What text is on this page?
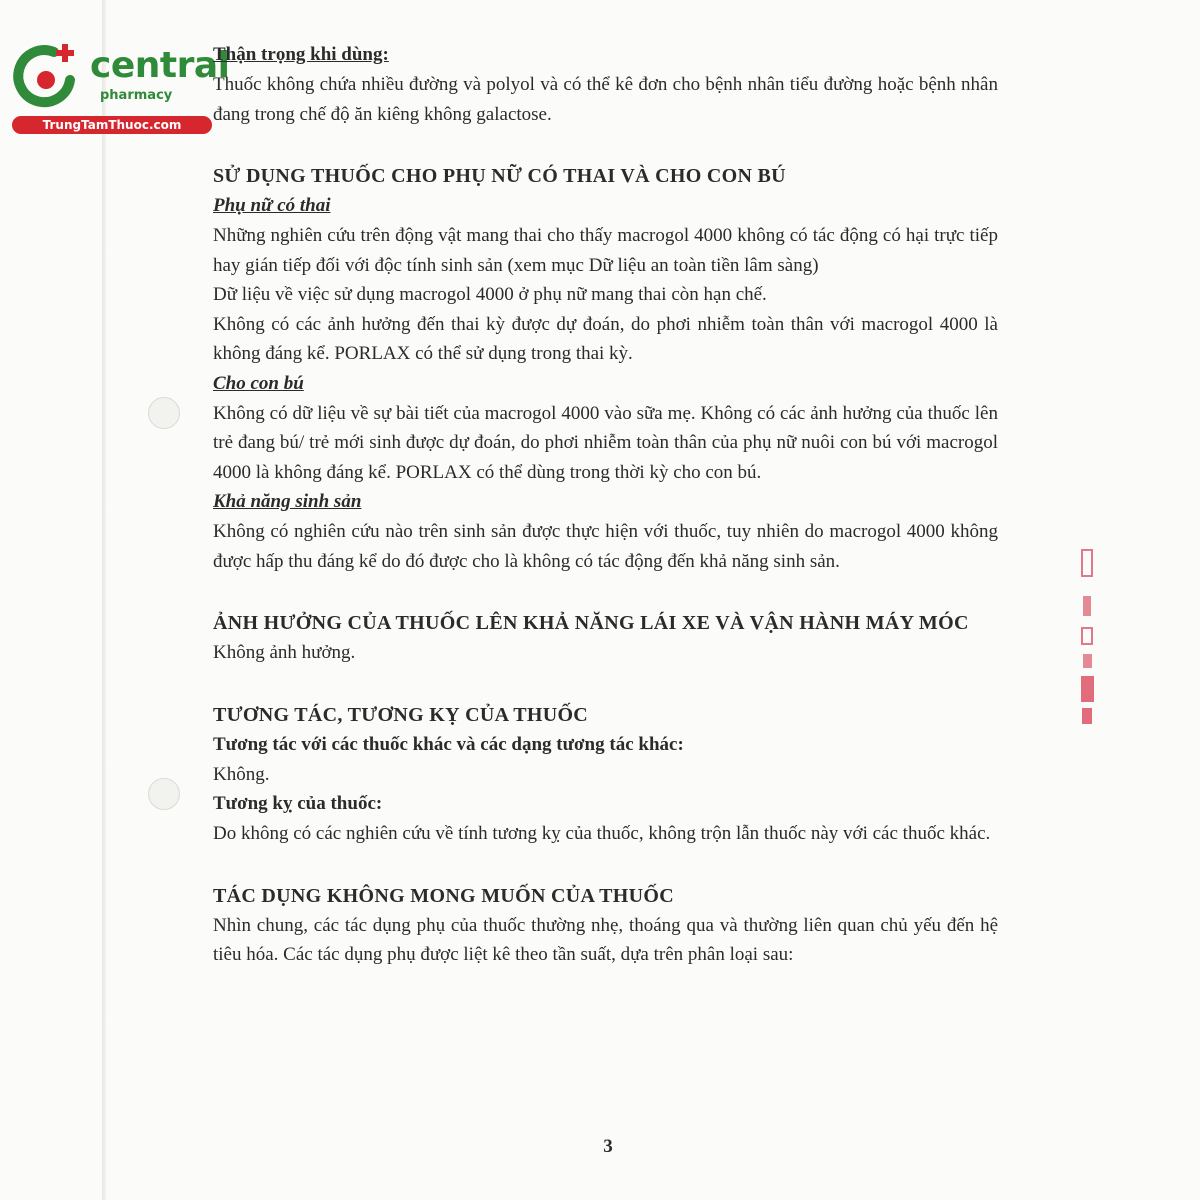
central
pharmacy
TrungTamThuoc.com
Thận trọng khi dùng:

Thuốc không chứa nhiều đường và polyol và có thể kê đơn cho bệnh nhân tiểu đường hoặc bệnh nhân đang trong chế độ ăn kiêng không galactose.

SỬ DỤNG THUỐC CHO PHỤ NỮ CÓ THAI VÀ CHO CON BÚ
Phụ nữ có thai

Những nghiên cứu trên động vật mang thai cho thấy macrogol 4000 không có tác động có hại trực tiếp hay gián tiếp đối với độc tính sinh sản (xem mục Dữ liệu an toàn tiền lâm sàng)

Dữ liệu về việc sử dụng macrogol 4000 ở phụ nữ mang thai còn hạn chế.

Không có các ảnh hưởng đến thai kỳ được dự đoán, do phơi nhiễm toàn thân với macrogol 4000 là không đáng kể. PORLAX có thể sử dụng trong thai kỳ.

Cho con bú

Không có dữ liệu về sự bài tiết của macrogol 4000 vào sữa mẹ. Không có các ảnh hưởng của thuốc lên trẻ đang bú/ trẻ mới sinh được dự đoán, do phơi nhiễm toàn thân của phụ nữ nuôi con bú với macrogol 4000 là không đáng kể. PORLAX có thể dùng trong thời kỳ cho con bú.

Khả năng sinh sản

Không có nghiên cứu nào trên sinh sản được thực hiện với thuốc, tuy nhiên do macrogol 4000 không được hấp thu đáng kể do đó được cho là không có tác động đến khả năng sinh sản.

ẢNH HƯỞNG CỦA THUỐC LÊN KHẢ NĂNG LÁI XE VÀ VẬN HÀNH MÁY MÓC

Không ảnh hưởng.

TƯƠNG TÁC, TƯƠNG KỴ CỦA THUỐC
Tương tác với các thuốc khác và các dạng tương tác khác:

Không.

Tương kỵ của thuốc:

Do không có các nghiên cứu về tính tương kỵ của thuốc, không trộn lẫn thuốc này với các thuốc khác.

TÁC DỤNG KHÔNG MONG MUỐN CỦA THUỐC

Nhìn chung, các tác dụng phụ của thuốc thường nhẹ, thoáng qua và thường liên quan chủ yếu đến hệ tiêu hóa. Các tác dụng phụ được liệt kê theo tần suất, dựa trên phân loại sau:

3
